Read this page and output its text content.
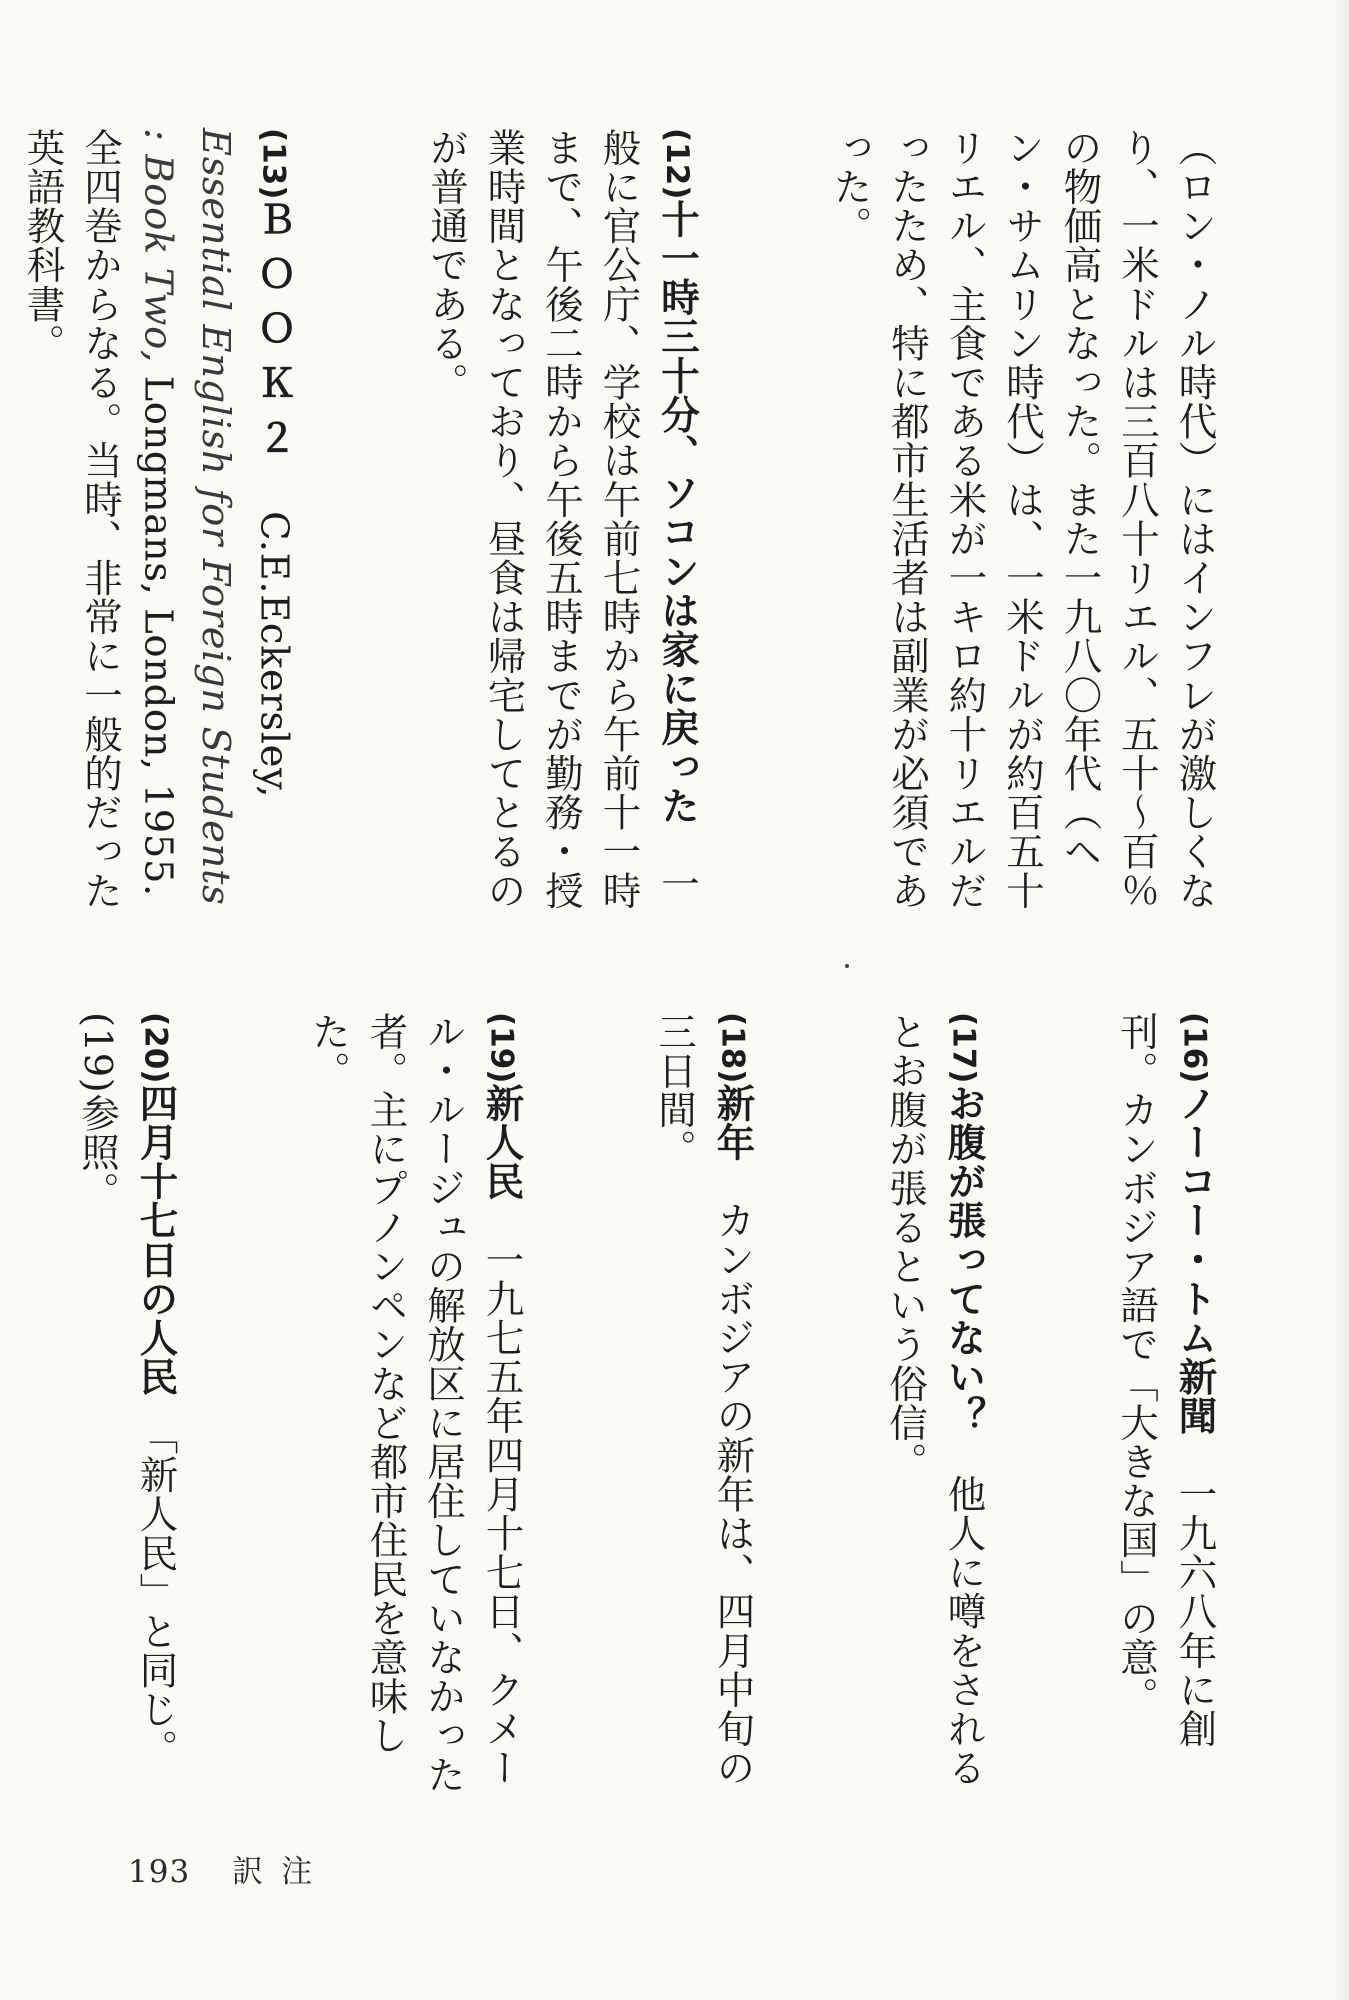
（ロン・ノル時代）にはインフレが激しくなり、一米ドルは三百八十リエル、五十～百％の物価高となった。また一九八〇年代（ヘン・サムリン時代）は、一米ドルが約百五十リエル、主食である米が一キロ約十リエルだったため、特に都市生活者は副業が必須であった。

(12)十一時三十分、ソコンは家に戻った　一般に官公庁、学校は午前七時から午前十一時まで、午後二時から午後五時までが勤務・授業時間となっており、昼食は帰宅してとるのが普通である。

(13)ＢＯＯＫ２　C.E.Eckersley, Essential English for Foreign Students : Book Two, Longmans, London, 1955. 全四巻からなる。当時、非常に一般的だった英語教科書。

(16)ノーコー・トム新聞　一九六八年に創刊。カンボジア語で「大きな国」の意。

(17)お腹が張ってない？　他人に噂をされるとお腹が張るという俗信。

(18)新年　カンボジアの新年は、四月中旬の三日間。

(19)新人民　一九七五年四月十七日、クメール・ルージュの解放区に居住していなかった者。主にプノンペンなど都市住民を意味した。

(20)四月十七日の人民　「新人民」と同じ。(19)参照。

193 訳注
